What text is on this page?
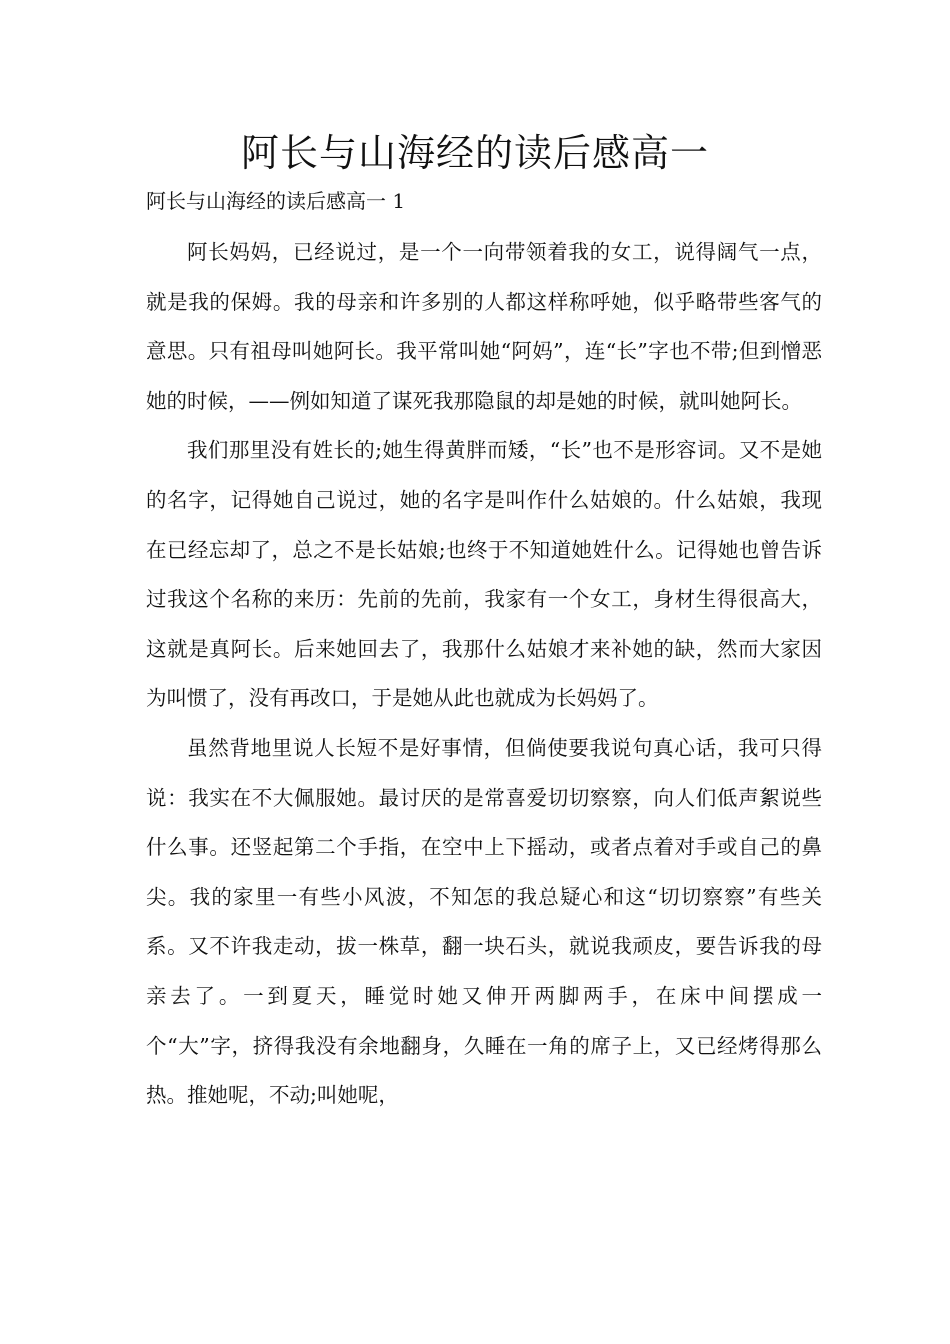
阿长与山海经的读后感高一

阿长与山海经的读后感高一 1

阿长妈妈，已经说过，是一个一向带领着我的女工，说得阔气一点，就是我的保姆。我的母亲和许多别的人都这样称呼她，似乎略带些客气的意思。只有祖母叫她阿长。我平常叫她“阿妈”，连“长”字也不带;但到憎恶她的时候，——例如知道了谋死我那隐鼠的却是她的时候，就叫她阿长。

我们那里没有姓长的;她生得黄胖而矮，“长”也不是形容词。又不是她的名字，记得她自己说过，她的名字是叫作什么姑娘的。什么姑娘，我现在已经忘却了，总之不是长姑娘;也终于不知道她姓什么。记得她也曾告诉过我这个名称的来历：先前的先前，我家有一个女工，身材生得很高大，这就是真阿长。后来她回去了，我那什么姑娘才来补她的缺，然而大家因为叫惯了，没有再改口，于是她从此也就成为长妈妈了。

虽然背地里说人长短不是好事情，但倘使要我说句真心话，我可只得说：我实在不大佩服她。最讨厌的是常喜爱切切察察，向人们低声絮说些什么事。还竖起第二个手指，在空中上下摇动，或者点着对手或自己的鼻尖。我的家里一有些小风波，不知怎的我总疑心和这“切切察察”有些关系。又不许我走动，拔一株草，翻一块石头，就说我顽皮，要告诉我的母亲去了。一到夏天，睡觉时她又伸开两脚两手，在床中间摆成一个“大”字，挤得我没有余地翻身，久睡在一角的席子上，又已经烤得那么热。推她呢，不动;叫她呢，
